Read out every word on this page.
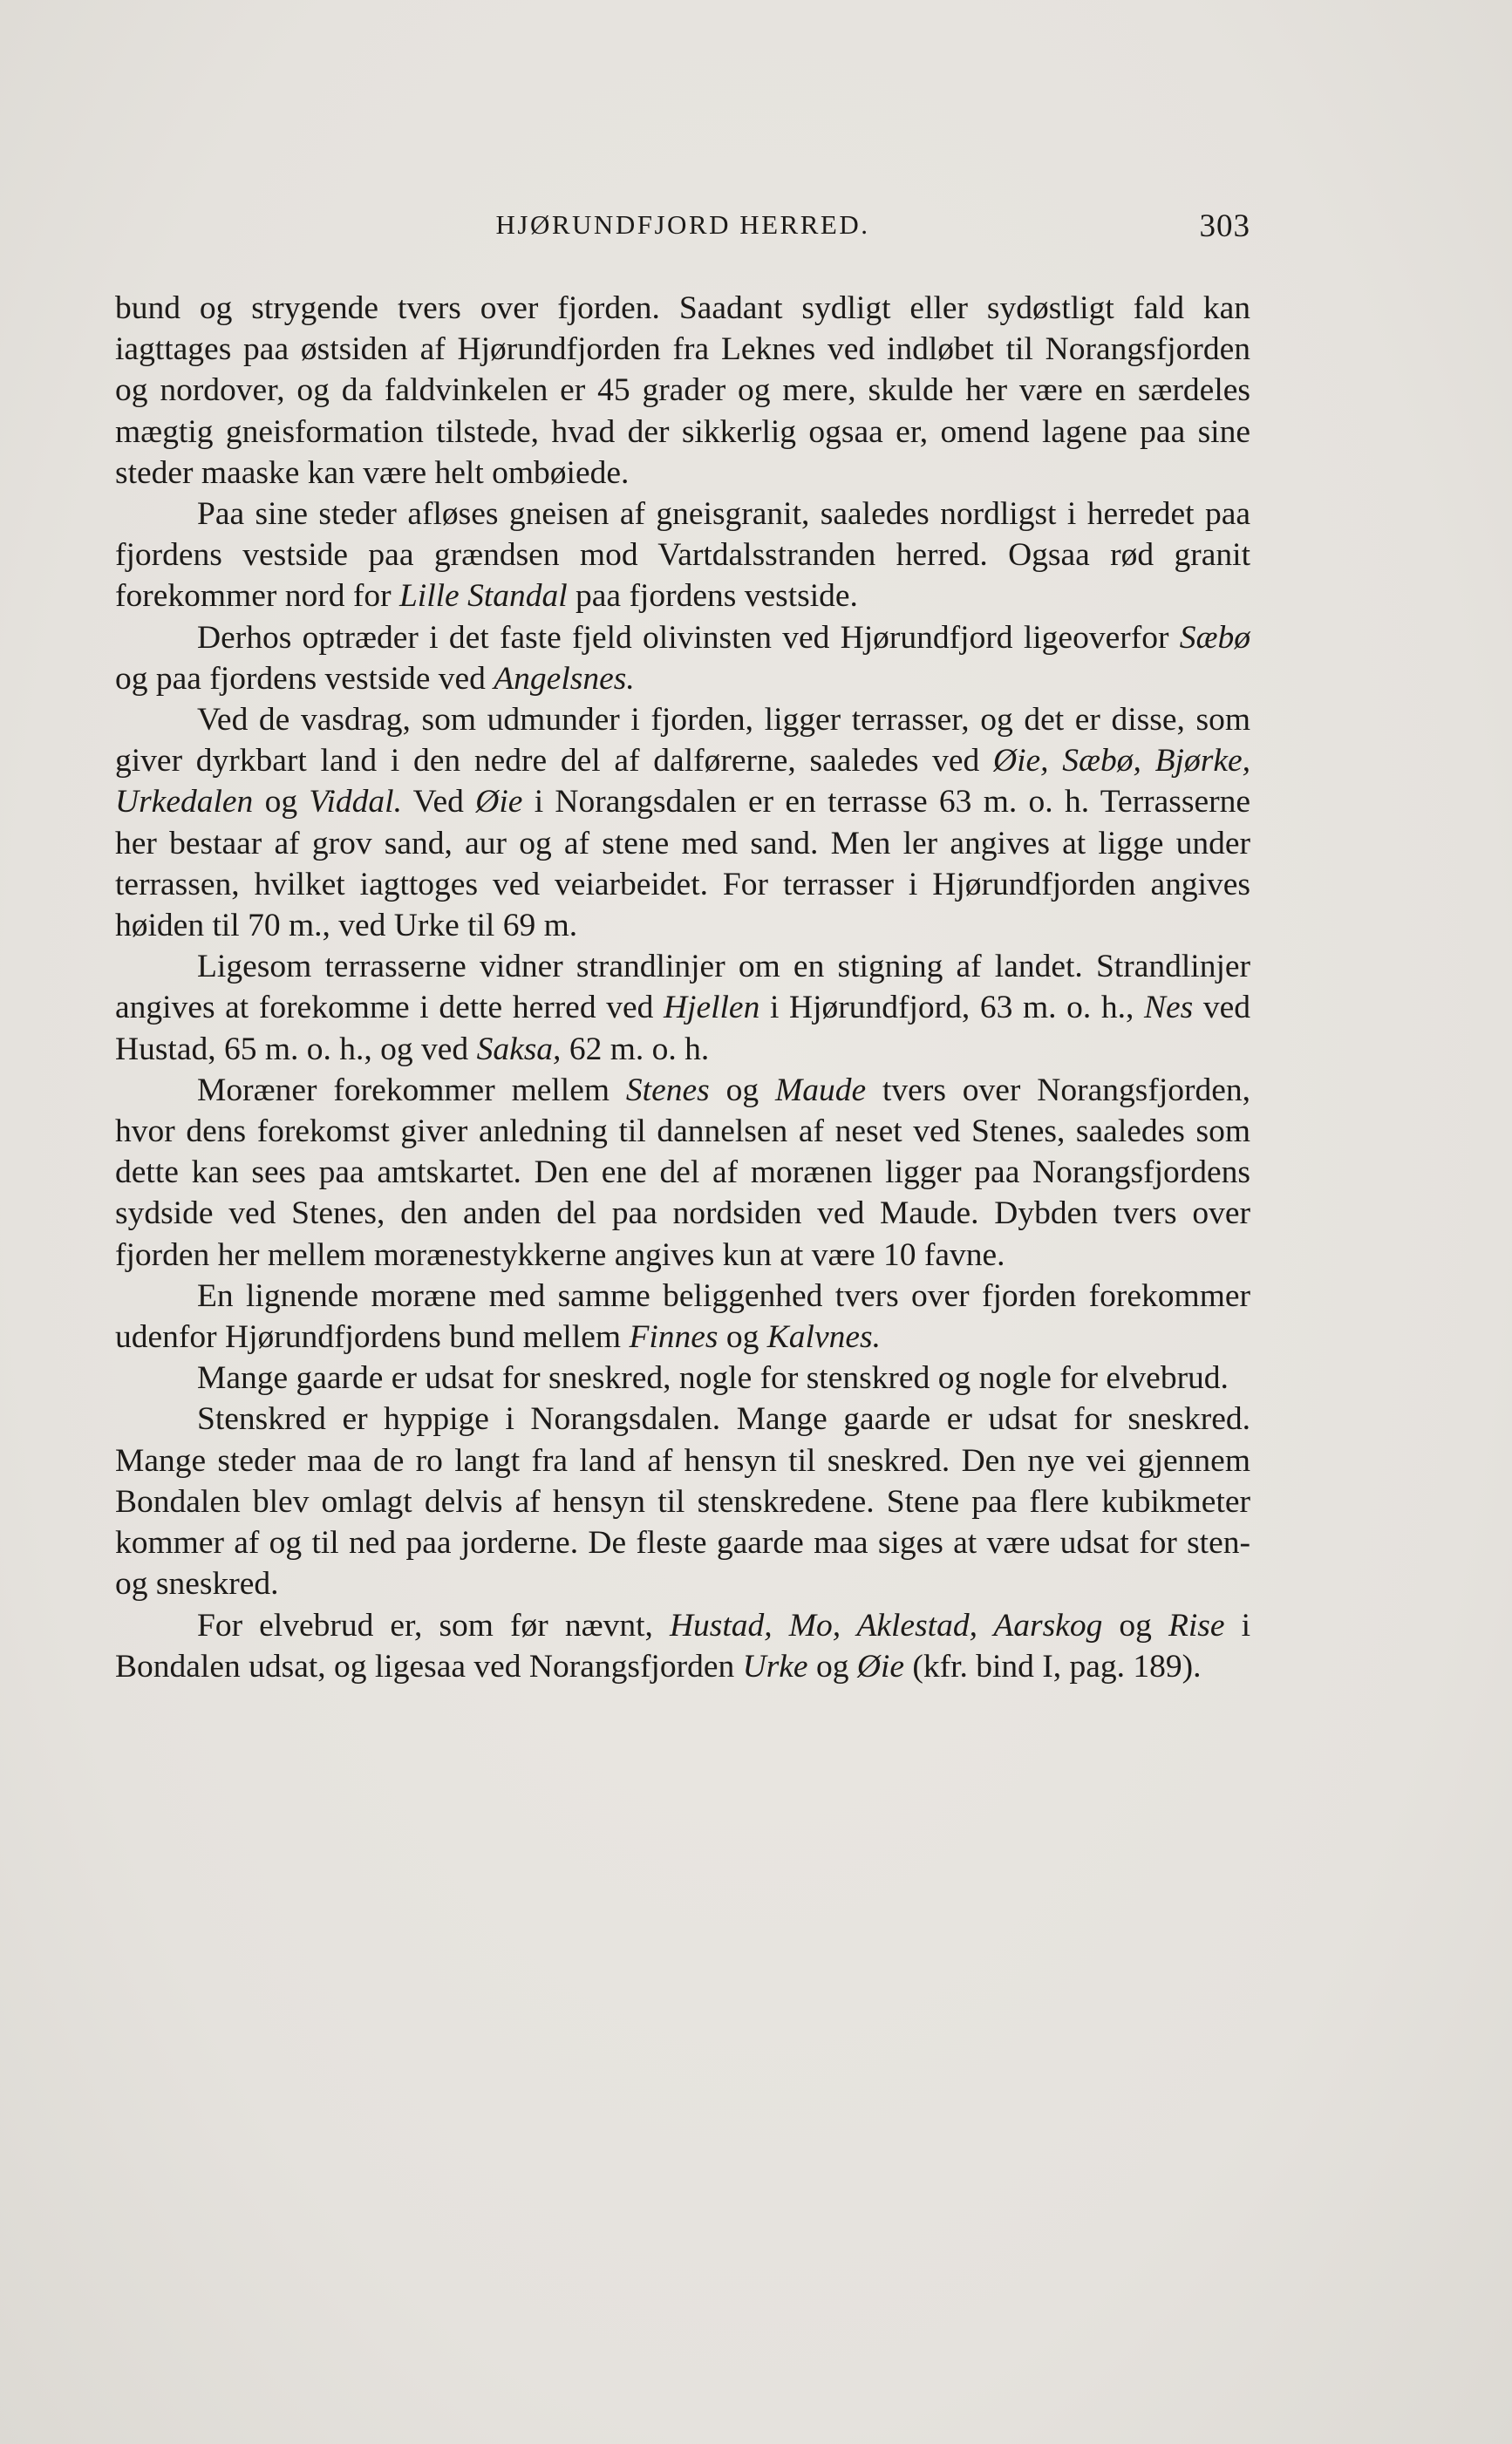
HJØRUNDFJORD HERRED.	303

bund og strygende tvers over fjorden. Saadant sydligt eller sydøstligt fald kan iagttages paa østsiden af Hjørundfjorden fra Leknes ved indløbet til Norangsfjorden og nordover, og da faldvinkelen er 45 grader og mere, skulde her være en særdeles mægtig gneisformation tilstede, hvad der sikkerlig ogsaa er, omend lagene paa sine steder maaske kan være helt ombøiede.

Paa sine steder afløses gneisen af gneisgranit, saaledes nordligst i herredet paa fjordens vestside paa grændsen mod Vartdalsstranden herred. Ogsaa rød granit forekommer nord for Lille Standal paa fjordens vestside.

Derhos optræder i det faste fjeld olivinsten ved Hjørundfjord ligeoverfor Sæbø og paa fjordens vestside ved Angelsnes.

Ved de vasdrag, som udmunder i fjorden, ligger terrasser, og det er disse, som giver dyrkbart land i den nedre del af dalførerne, saaledes ved Øie, Sæbø, Bjørke, Urkedalen og Viddal. Ved Øie i Norangsdalen er en terrasse 63 m. o. h. Terrasserne her bestaar af grov sand, aur og af stene med sand. Men ler angives at ligge under terrassen, hvilket iagttoges ved veiarbeidet. For terrasser i Hjørundfjorden angives høiden til 70 m., ved Urke til 69 m.

Ligesom terrasserne vidner strandlinjer om en stigning af landet. Strandlinjer angives at forekomme i dette herred ved Hjellen i Hjørundfjord, 63 m. o. h., Nes ved Hustad, 65 m. o. h., og ved Saksa, 62 m. o. h.

Moræner forekommer mellem Stenes og Maude tvers over Norangsfjorden, hvor dens forekomst giver anledning til dannelsen af neset ved Stenes, saaledes som dette kan sees paa amtskartet. Den ene del af morænen ligger paa Norangsfjordens sydside ved Stenes, den anden del paa nordsiden ved Maude. Dybden tvers over fjorden her mellem morænestykkerne angives kun at være 10 favne.

En lignende moræne med samme beliggenhed tvers over fjorden forekommer udenfor Hjørundfjordens bund mellem Finnes og Kalvnes.

Mange gaarde er udsat for sneskred, nogle for stenskred og nogle for elvebrud.

Stenskred er hyppige i Norangsdalen. Mange gaarde er udsat for sneskred. Mange steder maa de ro langt fra land af hensyn til sneskred. Den nye vei gjennem Bondalen blev omlagt delvis af hensyn til stenskredene. Stene paa flere kubikmeter kommer af og til ned paa jorderne. De fleste gaarde maa siges at være udsat for sten- og sneskred.

For elvebrud er, som før nævnt, Hustad, Mo, Aklestad, Aarskog og Rise i Bondalen udsat, og ligesaa ved Norangsfjorden Urke og Øie (kfr. bind I, pag. 189).
